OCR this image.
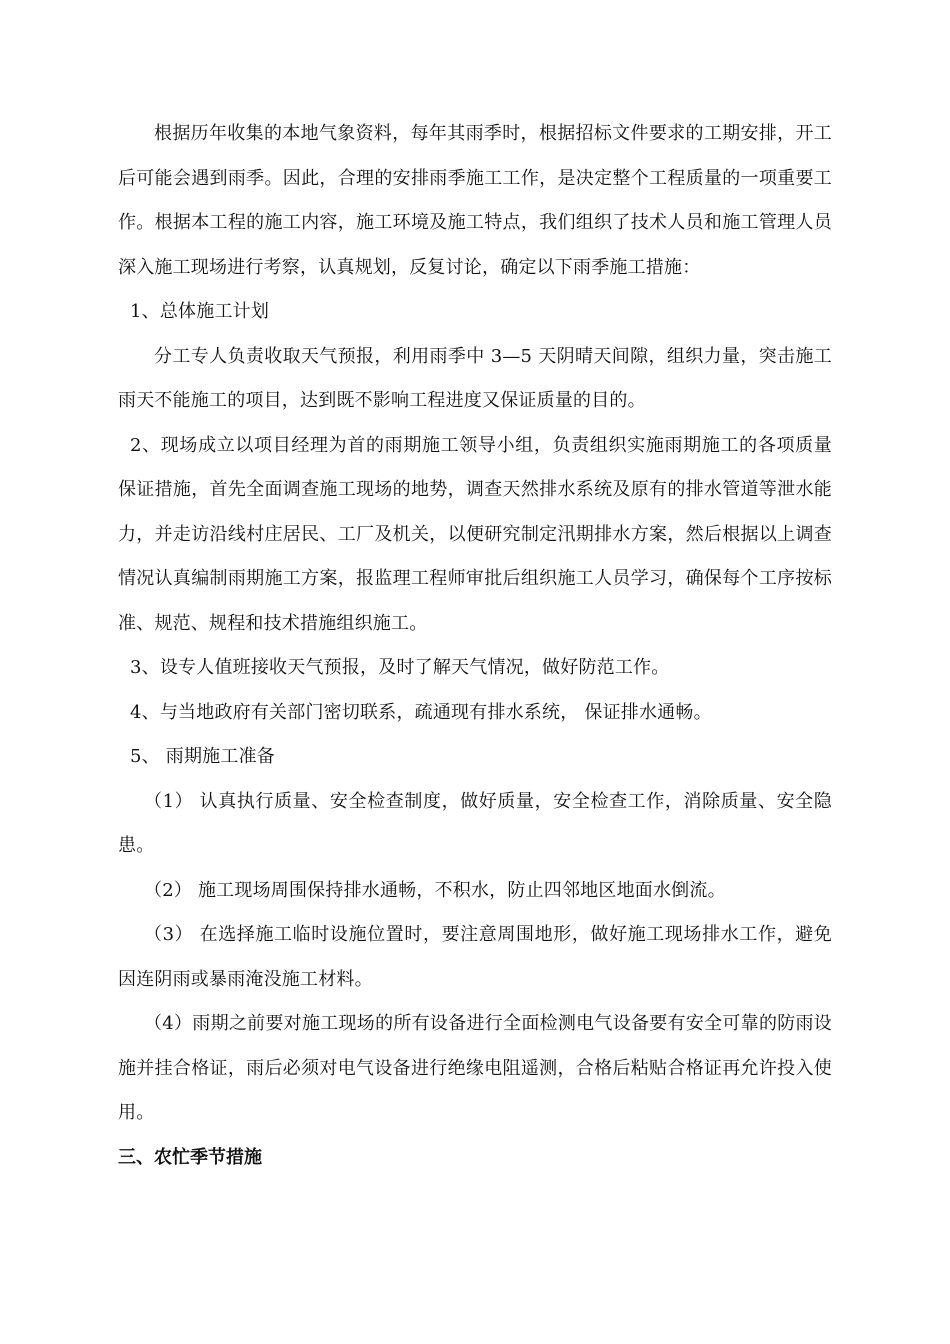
根据历年收集的本地气象资料，每年其雨季时，根据招标文件要求的工期安排，开工后可能会遇到雨季。因此，合理的安排雨季施工工作，是决定整个工程质量的一项重要工作。根据本工程的施工内容，施工环境及施工特点，我们组织了技术人员和施工管理人员深入施工现场进行考察，认真规划，反复讨论，确定以下雨季施工措施：

1、总体施工计划

分工专人负责收取天气预报，利用雨季中 3—5 天阴晴天间隙，组织力量，突击施工雨天不能施工的项目，达到既不影响工程进度又保证质量的目的。

2、现场成立以项目经理为首的雨期施工领导小组，负责组织实施雨期施工的各项质量保证措施，首先全面调查施工现场的地势，调查天然排水系统及原有的排水管道等泄水能力，并走访沿线村庄居民、工厂及机关，以便研究制定汛期排水方案，然后根据以上调查情况认真编制雨期施工方案，报监理工程师审批后组织施工人员学习，确保每个工序按标准、规范、规程和技术措施组织施工。

3、设专人值班接收天气预报，及时了解天气情况，做好防范工作。

4、与当地政府有关部门密切联系，疏通现有排水系统， 保证排水通畅。

5、 雨期施工准备

（1） 认真执行质量、安全检查制度，做好质量，安全检查工作，消除质量、安全隐患。

（2） 施工现场周围保持排水通畅，不积水，防止四邻地区地面水倒流。

（3） 在选择施工临时设施位置时，要注意周围地形，做好施工现场排水工作，避免因连阴雨或暴雨淹没施工材料。

（4）雨期之前要对施工现场的所有设备进行全面检测电气设备要有安全可靠的防雨设施并挂合格证，雨后必须对电气设备进行绝缘电阻遥测，合格后粘贴合格证再允许投入使用。

三、农忙季节措施
